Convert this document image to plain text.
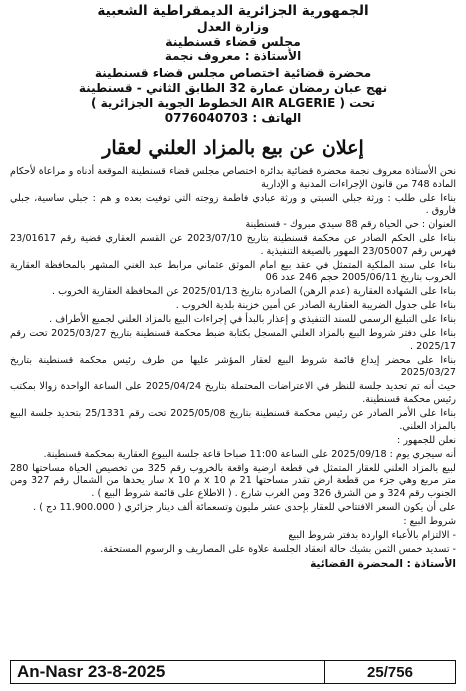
الجمهورية الجزائرية الديمقراطية الشعبية
وزارة العدل
مجلس قضاء قسنطينة
الأستاذة : معروف نجمة
محضرة قضائية اختصاص مجلس قضاء قسنطينة
نهج عبان رمضان عمارة 32 الطابق الثاني - قسنطينة
تحت ( AIR ALGERIE الخطوط الجوية الجزائرية )
الهاتف : 0776040703
إعلان عن بيع بالمزاد العلني لعقار

نحن الأستاذة معروف نجمة محضرة قضائية بدائرة اختصاص مجلس قضاء قسنطينة الموقعة أدناه و مراعاة لأحكام المادة 748 من قانون الإجراءات المدنية و الإدارية

بناءا على طلب : ورثة جبلي السبتي و ورثة عبادي فاطمة زوجته التي توفيت بعده و هم : جبلي ساسية، جبلي فاروق .

العنوان : حي الحياة رقم 88 سيدي مبروك - قسنطينة

بناءا على الحكم الصادر عن محكمة قسنطينة بتاريخ 2023/07/10 عن القسم العقاري قضية رقم 23/01617 فهرس رقم 23/05007 المهور بالصيغة التنفيذية .

بناءا على سند الملكية المتمثل في عقد بيع امام الموثق عثماني مرابط عبد الغني المشهر بالمحافظة العقارية الخروب بتاريخ 2005/06/11 حجم 246 عدد 06

بناءا على الشهادة العقارية (عدم الرهن) الصادرة بتاريخ 2025/01/13 عن المحافظة العقارية الخروب .

بناءا على جدول الضريبة العقارية الصادر عن أمين خزينة بلدية الخروب .

بناءا على التبليغ الرسمي للسند التنفيذي و إعذار بالبدأ في إجراءات البيع بالمزاد العلني لجميع الأطراف .

بناءا على دفتر شروط البيع بالمزاد العلني المسجل بكتابة ضبط محكمة قسنطينة بتاريخ 2025/03/27 تحت رقم 2025/17 .

بناءا على محضر إيداع قائمة شروط البيع لعقار المؤشر عليها من طرف رئيس محكمة قسنطينة بتاريخ 2025/03/27

حيث أنه تم تحديد جلسة للنظر في الاعتراضات المحتملة بتاريخ 2025/04/24 على الساعة الواحدة زوالا بمكتب رئيس محكمة قسنطينة.

بناءا على الأمر الصادر عن رئيس محكمة قسنطينة بتاريخ 2025/05/08 تحت رقم 25/1331 بتحديد جلسة البيع بالمزاد العلني.

نعلن للجمهور :

أنه سيجري يوم : 2025/09/18 على الساعة 11:00 صباحا قاعة جلسة البيوع العقارية بمحكمة قسنطينة.

لبيع بالمزاد العلني للعقار المتمثل في قطعة ارضية واقعة بالخروب رقم 325 من تخصيص الحياة مساحتها 280 متر مربع وهي جزء من قطعة ارض تقدر مساحتها 21 م x 10 م x 10 سار يحدها من الشمال رقم 327 ومن الجنوب رقم 324 و من الشرق 326 ومن الغرب شارع . ( الاطلاع على قائمة شروط البيع ) .

على أن يكون السعر الافتتاحي للعقار بإحدى عشر مليون وتسعمائة ألف دينار جزائري ( 11.900.000 دج ) .

شروط البيع :

- الالتزام بالأعباء الواردة بدفتر شروط البيع

- تسديد خمس الثمن بشيك حالة انعقاد الجلسة علاوة على المصاريف و الرسوم المستحقة.

الأستاذة : المحضرة القضائية
An-Nasr 23-8-2025	25/756
